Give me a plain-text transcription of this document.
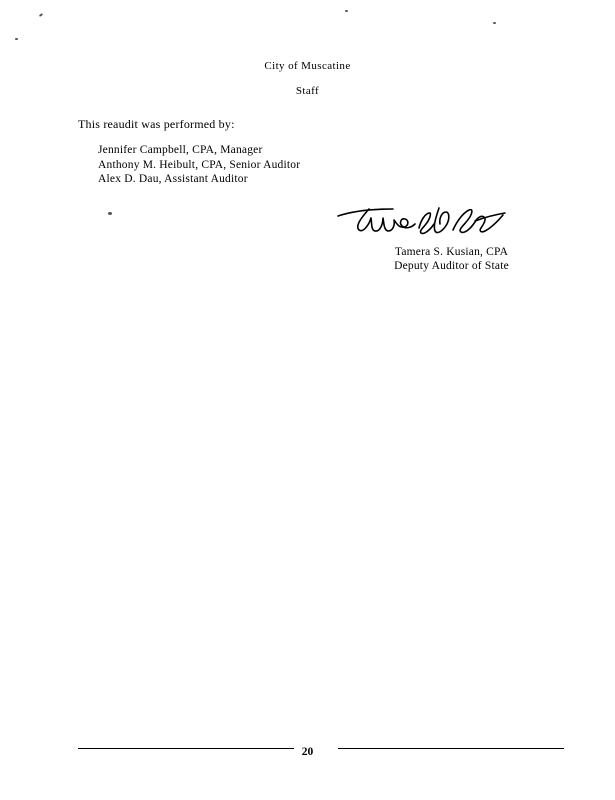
City of Muscatine
Staff
This reaudit was performed by:
Jennifer Campbell, CPA, Manager
Anthony M. Heibult, CPA, Senior Auditor
Alex D. Dau, Assistant Auditor
Tamera S. Kusian, CPA
Deputy Auditor of State
20
